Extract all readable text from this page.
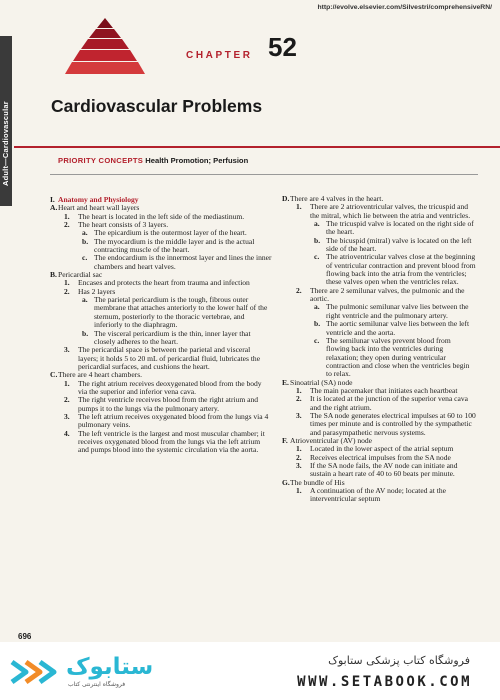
http://evolve.elsevier.com/Silvestri/comprehensiveRN/
Adult—Cardiovascular
CHAPTER 52
Cardiovascular Problems
PRIORITY CONCEPTS Health Promotion; Perfusion
I. Anatomy and Physiology
A. Heart and heart wall layers
1. The heart is located in the left side of the mediastinum.
2. The heart consists of 3 layers.
a. The epicardium is the outermost layer of the heart.
b. The myocardium is the middle layer and is the actual contracting muscle of the heart.
c. The endocardium is the innermost layer and lines the inner chambers and heart valves.
B. Pericardial sac
1. Encases and protects the heart from trauma and infection
2. Has 2 layers
a. The parietal pericardium is the tough, fibrous outer membrane that attaches anteriorly to the lower half of the sternum, posteriorly to the thoracic vertebrae, and inferiorly to the diaphragm.
b. The visceral pericardium is the thin, inner layer that closely adheres to the heart.
3. The pericardial space is between the parietal and visceral layers; it holds 5 to 20 mL of pericardial fluid, lubricates the pericardial surfaces, and cushions the heart.
C. There are 4 heart chambers.
1. The right atrium receives deoxygenated blood from the body via the superior and inferior vena cava.
2. The right ventricle receives blood from the right atrium and pumps it to the lungs via the pulmonary artery.
3. The left atrium receives oxygenated blood from the lungs via 4 pulmonary veins.
4. The left ventricle is the largest and most muscular chamber; it receives oxygenated blood from the lungs via the left atrium and pumps blood into the systemic circulation via the aorta.
D. There are 4 valves in the heart.
1. There are 2 atrioventricular valves, the tricuspid and the mitral, which lie between the atria and ventricles.
a. The tricuspid valve is located on the right side of the heart.
b. The bicuspid (mitral) valve is located on the left side of the heart.
c. The atrioventricular valves close at the beginning of ventricular contraction and prevent blood from flowing back into the atria from the ventricles; these valves open when the ventricles relax.
2. There are 2 semilunar valves, the pulmonic and the aortic.
a. The pulmonic semilunar valve lies between the right ventricle and the pulmonary artery.
b. The aortic semilunar valve lies between the left ventricle and the aorta.
c. The semilunar valves prevent blood from flowing back into the ventricles during relaxation; they open during ventricular contraction and close when the ventricles begin to relax.
E. Sinoatrial (SA) node
1. The main pacemaker that initiates each heartbeat
2. It is located at the junction of the superior vena cava and the right atrium.
3. The SA node generates electrical impulses at 60 to 100 times per minute and is controlled by the sympathetic and parasympathetic nervous systems.
F. Atrioventricular (AV) node
1. Located in the lower aspect of the atrial septum
2. Receives electrical impulses from the SA node
3. If the SA node fails, the AV node can initiate and sustain a heart rate of 40 to 60 beats per minute.
G. The bundle of His
1. A continuation of the AV node; located at the interventricular septum
696
ستابوک
فروشگاه اینترنتی کتاب
فروشگاه کتاب پزشکی ستابوک
WWW.SETABOOK.COM
